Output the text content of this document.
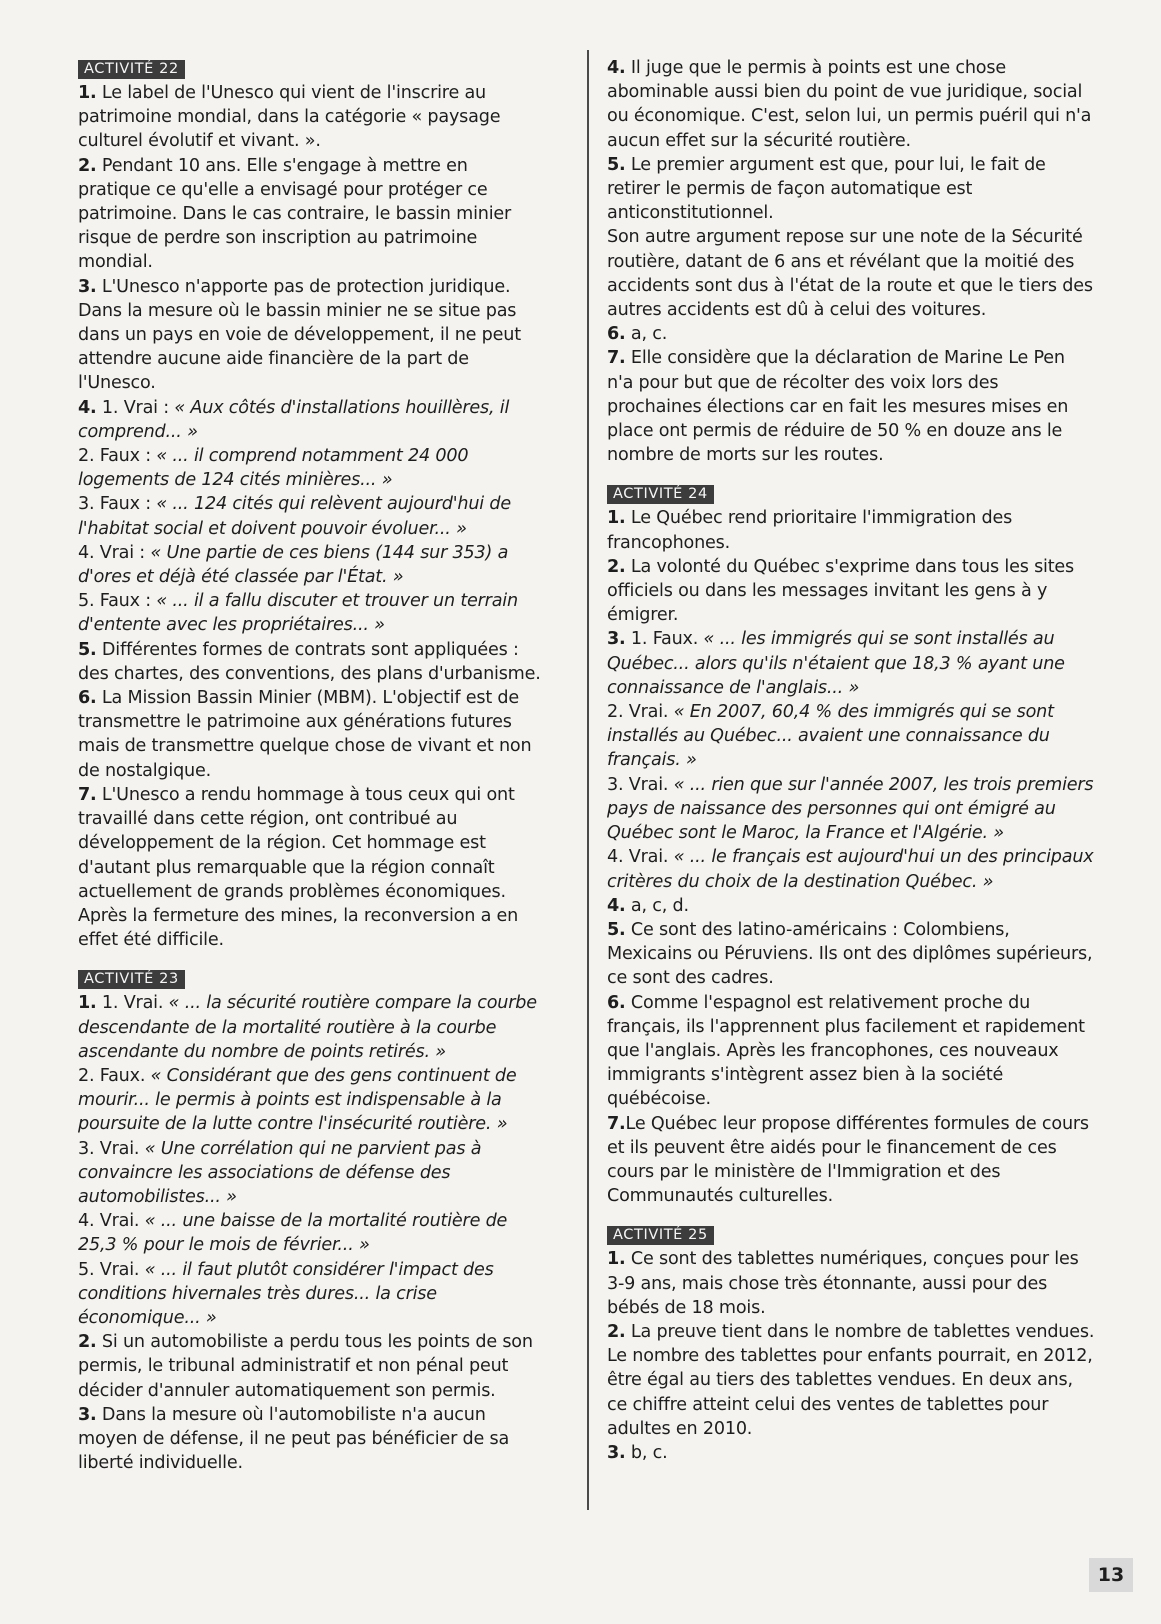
ACTIVITÉ 22

1. Le label de l'Unesco qui vient de l'inscrire au patrimoine mondial, dans la catégorie « paysage culturel évolutif et vivant. ».

2. Pendant 10 ans. Elle s'engage à mettre en pratique ce qu'elle a envisagé pour protéger ce patrimoine. Dans le cas contraire, le bassin minier risque de perdre son inscription au patrimoine mondial.

3. L'Unesco n'apporte pas de protection juridique. Dans la mesure où le bassin minier ne se situe pas dans un pays en voie de développement, il ne peut attendre aucune aide financière de la part de l'Unesco.

4. 1. Vrai : « Aux côtés d'installations houillères, il comprend... »

2. Faux : « ... il comprend notamment 24 000 logements de 124 cités minières... »

3. Faux : « ... 124 cités qui relèvent aujourd'hui de l'habitat social et doivent pouvoir évoluer... »

4. Vrai : « Une partie de ces biens (144 sur 353) a d'ores et déjà été classée par l'État. »

5. Faux : « ... il a fallu discuter et trouver un terrain d'entente avec les propriétaires... »

5. Différentes formes de contrats sont appliquées : des chartes, des conventions, des plans d'urbanisme.

6. La Mission Bassin Minier (MBM). L'objectif est de transmettre le patrimoine aux générations futures mais de transmettre quelque chose de vivant et non de nostalgique.

7. L'Unesco a rendu hommage à tous ceux qui ont travaillé dans cette région, ont contribué au développement de la région. Cet hommage est d'autant plus remarquable que la région connaît actuellement de grands problèmes économiques. Après la fermeture des mines, la reconversion a en effet été difficile.

ACTIVITÉ 23

1. 1. Vrai. « ... la sécurité routière compare la courbe descendante de la mortalité routière à la courbe ascendante du nombre de points retirés. »

2. Faux. « Considérant que des gens continuent de mourir... le permis à points est indispensable à la poursuite de la lutte contre l'insécurité routière. »

3. Vrai. « Une corrélation qui ne parvient pas à convaincre les associations de défense des automobilistes... »

4. Vrai. « ... une baisse de la mortalité routière de 25,3 % pour le mois de février... »

5. Vrai. « ... il faut plutôt considérer l'impact des conditions hivernales très dures... la crise économique... »

2. Si un automobiliste a perdu tous les points de son permis, le tribunal administratif et non pénal peut décider d'annuler automatiquement son permis.

3. Dans la mesure où l'automobiliste n'a aucun moyen de défense, il ne peut pas bénéficier de sa liberté individuelle.

4. Il juge que le permis à points est une chose abominable aussi bien du point de vue juridique, social ou économique. C'est, selon lui, un permis puéril qui n'a aucun effet sur la sécurité routière.

5. Le premier argument est que, pour lui, le fait de retirer le permis de façon automatique est anticonstitutionnel.

Son autre argument repose sur une note de la Sécurité routière, datant de 6 ans et révélant que la moitié des accidents sont dus à l'état de la route et que le tiers des autres accidents est dû à celui des voitures.

6. a, c.

7. Elle considère que la déclaration de Marine Le Pen n'a pour but que de récolter des voix lors des prochaines élections car en fait les mesures mises en place ont permis de réduire de 50 % en douze ans le nombre de morts sur les routes.

ACTIVITÉ 24

1. Le Québec rend prioritaire l'immigration des francophones.

2. La volonté du Québec s'exprime dans tous les sites officiels ou dans les messages invitant les gens à y émigrer.

3. 1. Faux. « ... les immigrés qui se sont installés au Québec... alors qu'ils n'étaient que 18,3 % ayant une connaissance de l'anglais... »

2. Vrai. « En 2007, 60,4 % des immigrés qui se sont installés au Québec... avaient une connaissance du français. »

3. Vrai. « ... rien que sur l'année 2007, les trois premiers pays de naissance des personnes qui ont émigré au Québec sont le Maroc, la France et l'Algérie. »

4. Vrai. « ... le français est aujourd'hui un des principaux critères du choix de la destination Québec. »

4. a, c, d.

5. Ce sont des latino-américains : Colombiens, Mexicains ou Péruviens. Ils ont des diplômes supérieurs, ce sont des cadres.

6. Comme l'espagnol est relativement proche du français, ils l'apprennent plus facilement et rapidement que l'anglais. Après les francophones, ces nouveaux immigrants s'intègrent assez bien à la société québécoise.

7.Le Québec leur propose différentes formules de cours et ils peuvent être aidés pour le financement de ces cours par le ministère de l'Immigration et des Communautés culturelles.

ACTIVITÉ 25

1. Ce sont des tablettes numériques, conçues pour les 3-9 ans, mais chose très étonnante, aussi pour des bébés de 18 mois.

2. La preuve tient dans le nombre de tablettes vendues. Le nombre des tablettes pour enfants pourrait, en 2012, être égal au tiers des tablettes vendues. En deux ans, ce chiffre atteint celui des ventes de tablettes pour adultes en 2010.

3. b, c.

13
